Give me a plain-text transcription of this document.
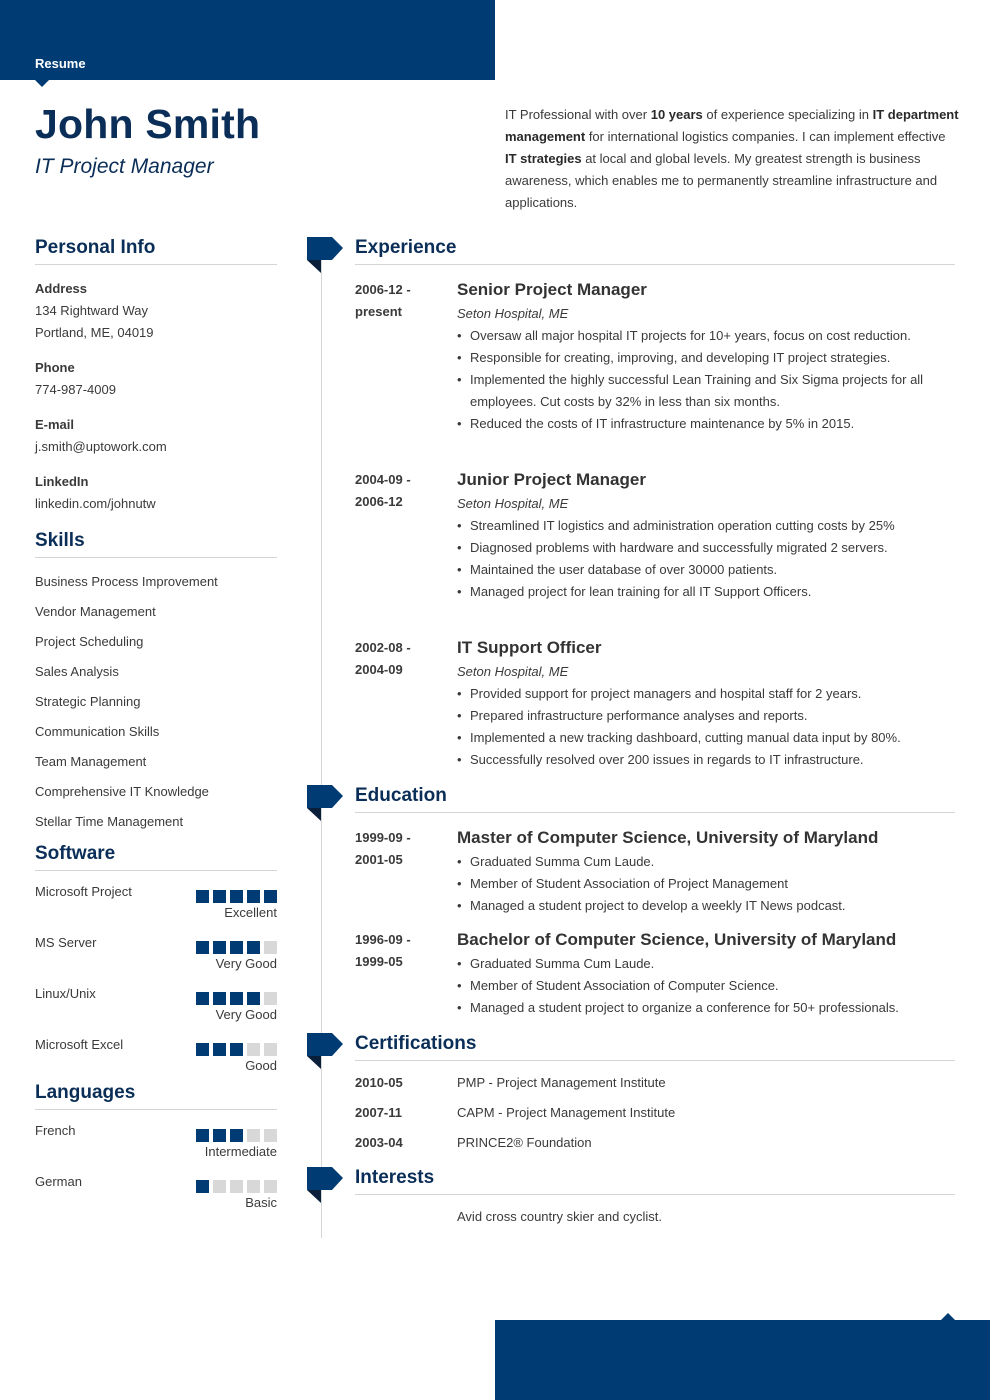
Resume
John Smith
IT Project Manager

IT Professional with over 10 years of experience specializing in IT department management for international logistics companies. I can implement effective IT strategies at local and global levels. My greatest strength is business awareness, which enables me to permanently streamline infrastructure and applications.

Personal Info
Address
134 Rightward Way
Portland, ME, 04019
Phone
774-987-4009
E-mail
j.smith@uptowork.com
LinkedIn
linkedin.com/johnutw
Skills
Business Process Improvement
Vendor Management
Project Scheduling
Sales Analysis
Strategic Planning
Communication Skills
Team Management
Comprehensive IT Knowledge
Stellar Time Management
Software
Microsoft Project
Excellent
MS Server
Very Good
Linux/Unix
Very Good
Microsoft Excel
Good
Languages
French
Intermediate
German
Basic
Experience
2006-12 -
present
Senior Project Manager
Seton Hospital, ME
• Oversaw all major hospital IT projects for 10+ years, focus on cost reduction.
• Responsible for creating, improving, and developing IT project strategies.
• Implemented the highly successful Lean Training and Six Sigma projects for all employees. Cut costs by 32% in less than six months.
• Reduced the costs of IT infrastructure maintenance by 5% in 2015.
2004-09 -
2006-12
Junior Project Manager
Seton Hospital, ME
• Streamlined IT logistics and administration operation cutting costs by 25%
• Diagnosed problems with hardware and successfully migrated 2 servers.
• Maintained the user database of over 30000 patients.
• Managed project for lean training for all IT Support Officers.
2002-08 -
2004-09
IT Support Officer
Seton Hospital, ME
• Provided support for project managers and hospital staff for 2 years.
• Prepared infrastructure performance analyses and reports.
• Implemented a new tracking dashboard, cutting manual data input by 80%.
• Successfully resolved over 200 issues in regards to IT infrastructure.
Education
1999-09 -
2001-05
Master of Computer Science, University of Maryland
• Graduated Summa Cum Laude.
• Member of Student Association of Project Management
• Managed a student project to develop a weekly IT News podcast.
1996-09 -
1999-05
Bachelor of Computer Science, University of Maryland
• Graduated Summa Cum Laude.
• Member of Student Association of Computer Science.
• Managed a student project to organize a conference for 50+ professionals.
Certifications
2010-05	PMP - Project Management Institute
2007-11	CAPM - Project Management Institute
2003-04	PRINCE2® Foundation
Interests
Avid cross country skier and cyclist.
